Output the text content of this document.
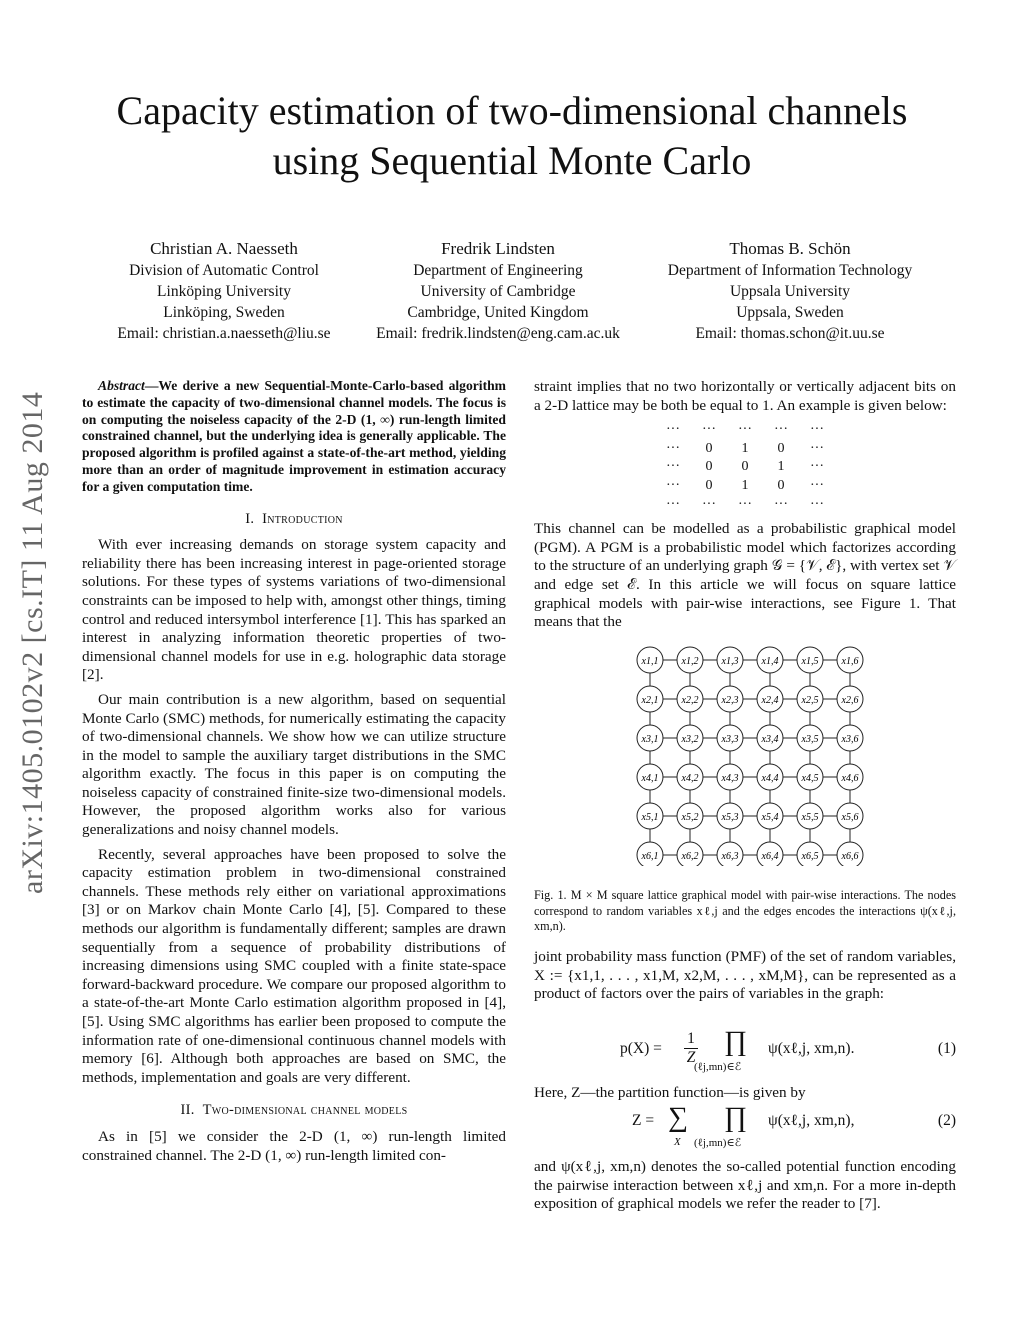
Capacity estimation of two-dimensional channels
using Sequential Monte Carlo
Christian A. Naesseth
Division of Automatic Control
Linköping University
Linköping, Sweden
Email: christian.a.naesseth@liu.se
Fredrik Lindsten
Department of Engineering
University of Cambridge
Cambridge, United Kingdom
Email: fredrik.lindsten@eng.cam.ac.uk
Thomas B. Schön
Department of Information Technology
Uppsala University
Uppsala, Sweden
Email: thomas.schon@it.uu.se
arXiv:1405.0102v2 [cs.IT] 11 Aug 2014
Abstract—We derive a new Sequential-Monte-Carlo-based algorithm to estimate the capacity of two-dimensional channel models. The focus is on computing the noiseless capacity of the 2-D (1, ∞) run-length limited constrained channel, but the underlying idea is generally applicable. The proposed algorithm is profiled against a state-of-the-art method, yielding more than an order of magnitude improvement in estimation accuracy for a given computation time.
I. Introduction

With ever increasing demands on storage system capacity and reliability there has been increasing interest in page-oriented storage solutions. For these types of systems variations of two-dimensional constraints can be imposed to help with, amongst other things, timing control and reduced intersymbol interference [1]. This has sparked an interest in analyzing information theoretic properties of two-dimensional channel models for use in e.g. holographic data storage [2].

Our main contribution is a new algorithm, based on sequential Monte Carlo (SMC) methods, for numerically estimating the capacity of two-dimensional channels. We show how we can utilize structure in the model to sample the auxiliary target distributions in the SMC algorithm exactly. The focus in this paper is on computing the noiseless capacity of constrained finite-size two-dimensional models. However, the proposed algorithm works also for various generalizations and noisy channel models.

Recently, several approaches have been proposed to solve the capacity estimation problem in two-dimensional constrained channels. These methods rely either on variational approximations [3] or on Markov chain Monte Carlo [4], [5]. Compared to these methods our algorithm is fundamentally different; samples are drawn sequentially from a sequence of probability distributions of increasing dimensions using SMC coupled with a finite state-space forward-backward procedure. We compare our proposed algorithm to a state-of-the-art Monte Carlo estimation algorithm proposed in [4], [5]. Using SMC algorithms has earlier been proposed to compute the information rate of one-dimensional continuous channel models with memory [6]. Although both approaches are based on SMC, the methods, implementation and goals are very different.

II. Two-dimensional channel models

As in [5] we consider the 2-D (1, ∞) run-length limited constrained channel. The 2-D (1, ∞) run-length limited con-

straint implies that no two horizontally or vertically adjacent bits on a 2-D lattice may be both be equal to 1. An example is given below:

···	···	···	···	···
···	0	1	0	···
···	0	0	1	···
···	0	1	0	···
···	···	···	···	···

This channel can be modelled as a probabilistic graphical model (PGM). A PGM is a probabilistic model which factorizes according to the structure of an underlying graph 𝒢 = {𝒱, ℰ}, with vertex set 𝒱 and edge set ℰ. In this article we will focus on square lattice graphical models with pair-wise interactions, see Figure 1. That means that the

x1,1 x1,2 x1,3 x1,4 x1,5 x1,6
x2,1 x2,2 x2,3 x2,4 x2,5 x2,6
x3,1 x3,2 x3,3 x3,4 x3,5 x3,6
x4,1 x4,2 x4,3 x4,4 x4,5 x4,6
x5,1 x5,2 x5,3 x5,4 x5,5 x5,6
x6,1 x6,2 x6,3 x6,4 x6,5 x6,6
Fig. 1. M × M square lattice graphical model with pair-wise interactions. The nodes correspond to random variables xℓ,j and the edges encodes the interactions ψ(xℓ,j, xm,n).

joint probability mass function (PMF) of the set of random variables, X := {x1,1, . . . , x1,M, x2,M, . . . , xM,M}, can be represented as a product of factors over the pairs of variables in the graph:

$p(X) = \frac{1}{Z}$ ∏
(ℓj,mn)∈ℰ
ψ(xℓ,j, xm,n).	(1)

Here, Z—the partition function—is given by

Z = ∑
X
∏
(ℓj,mn)∈ℰ
ψ(xℓ,j, xm,n),	(2)

and ψ(xℓ,j, xm,n) denotes the so-called potential function encoding the pairwise interaction between xℓ,j and xm,n. For a more in-depth exposition of graphical models we refer the reader to [7].
